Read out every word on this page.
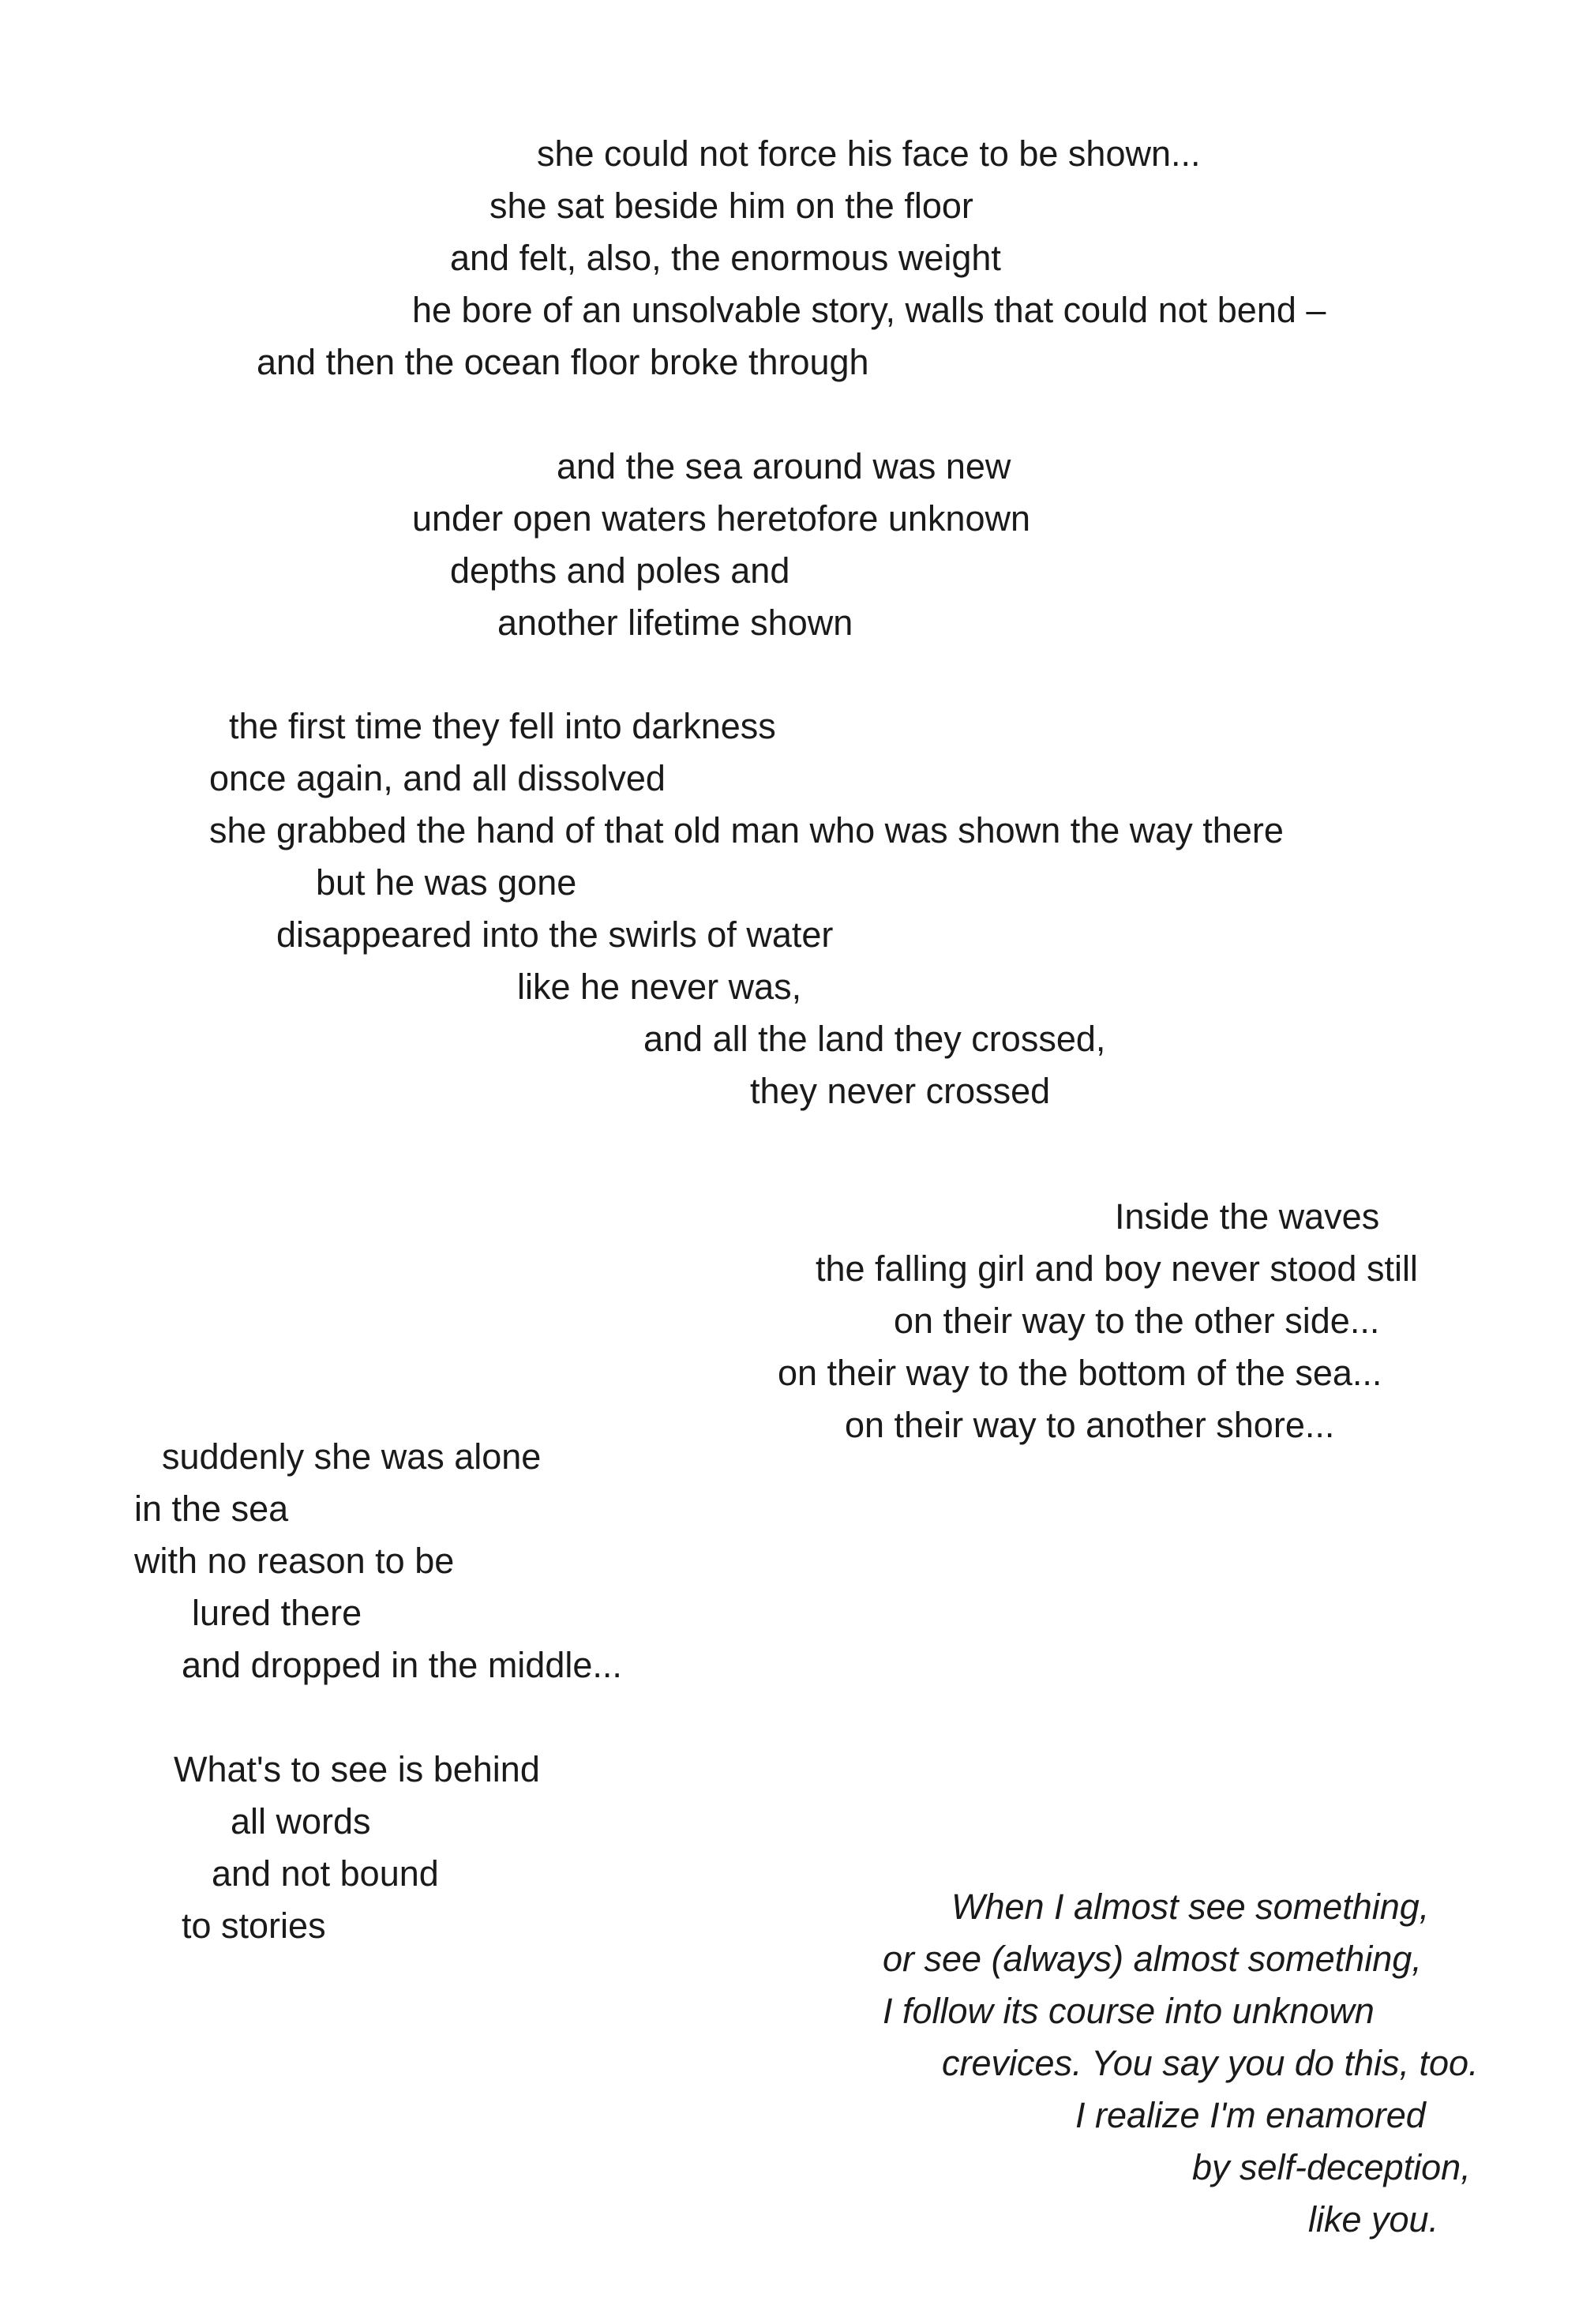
she could not force his face to be shown...

she sat beside him on the floor

and felt, also, the enormous weight

he bore of an unsolvable story, walls that could not bend –

and then the ocean floor broke through

and the sea around was new

under open waters heretofore unknown

depths and poles and

another lifetime shown

the first time they fell into darkness

once again, and all dissolved

she grabbed the hand of that old man who was shown the way there

but he was gone

disappeared into the swirls of water

like he never was,

and all the land they crossed,

they never crossed

Inside the waves

the falling girl and boy never stood still

on their way to the other side...

on their way to the bottom of the sea...

on their way to another shore...

suddenly she was alone

in the sea

with no reason to be

lured there

and dropped in the middle...

What's to see is behind

all words

and not bound

to stories	When I almost see something,

or see (always) almost something,

I follow its course into unknown

crevices. You say you do this, too.

I realize I'm enamored

by self-deception,

like you.
